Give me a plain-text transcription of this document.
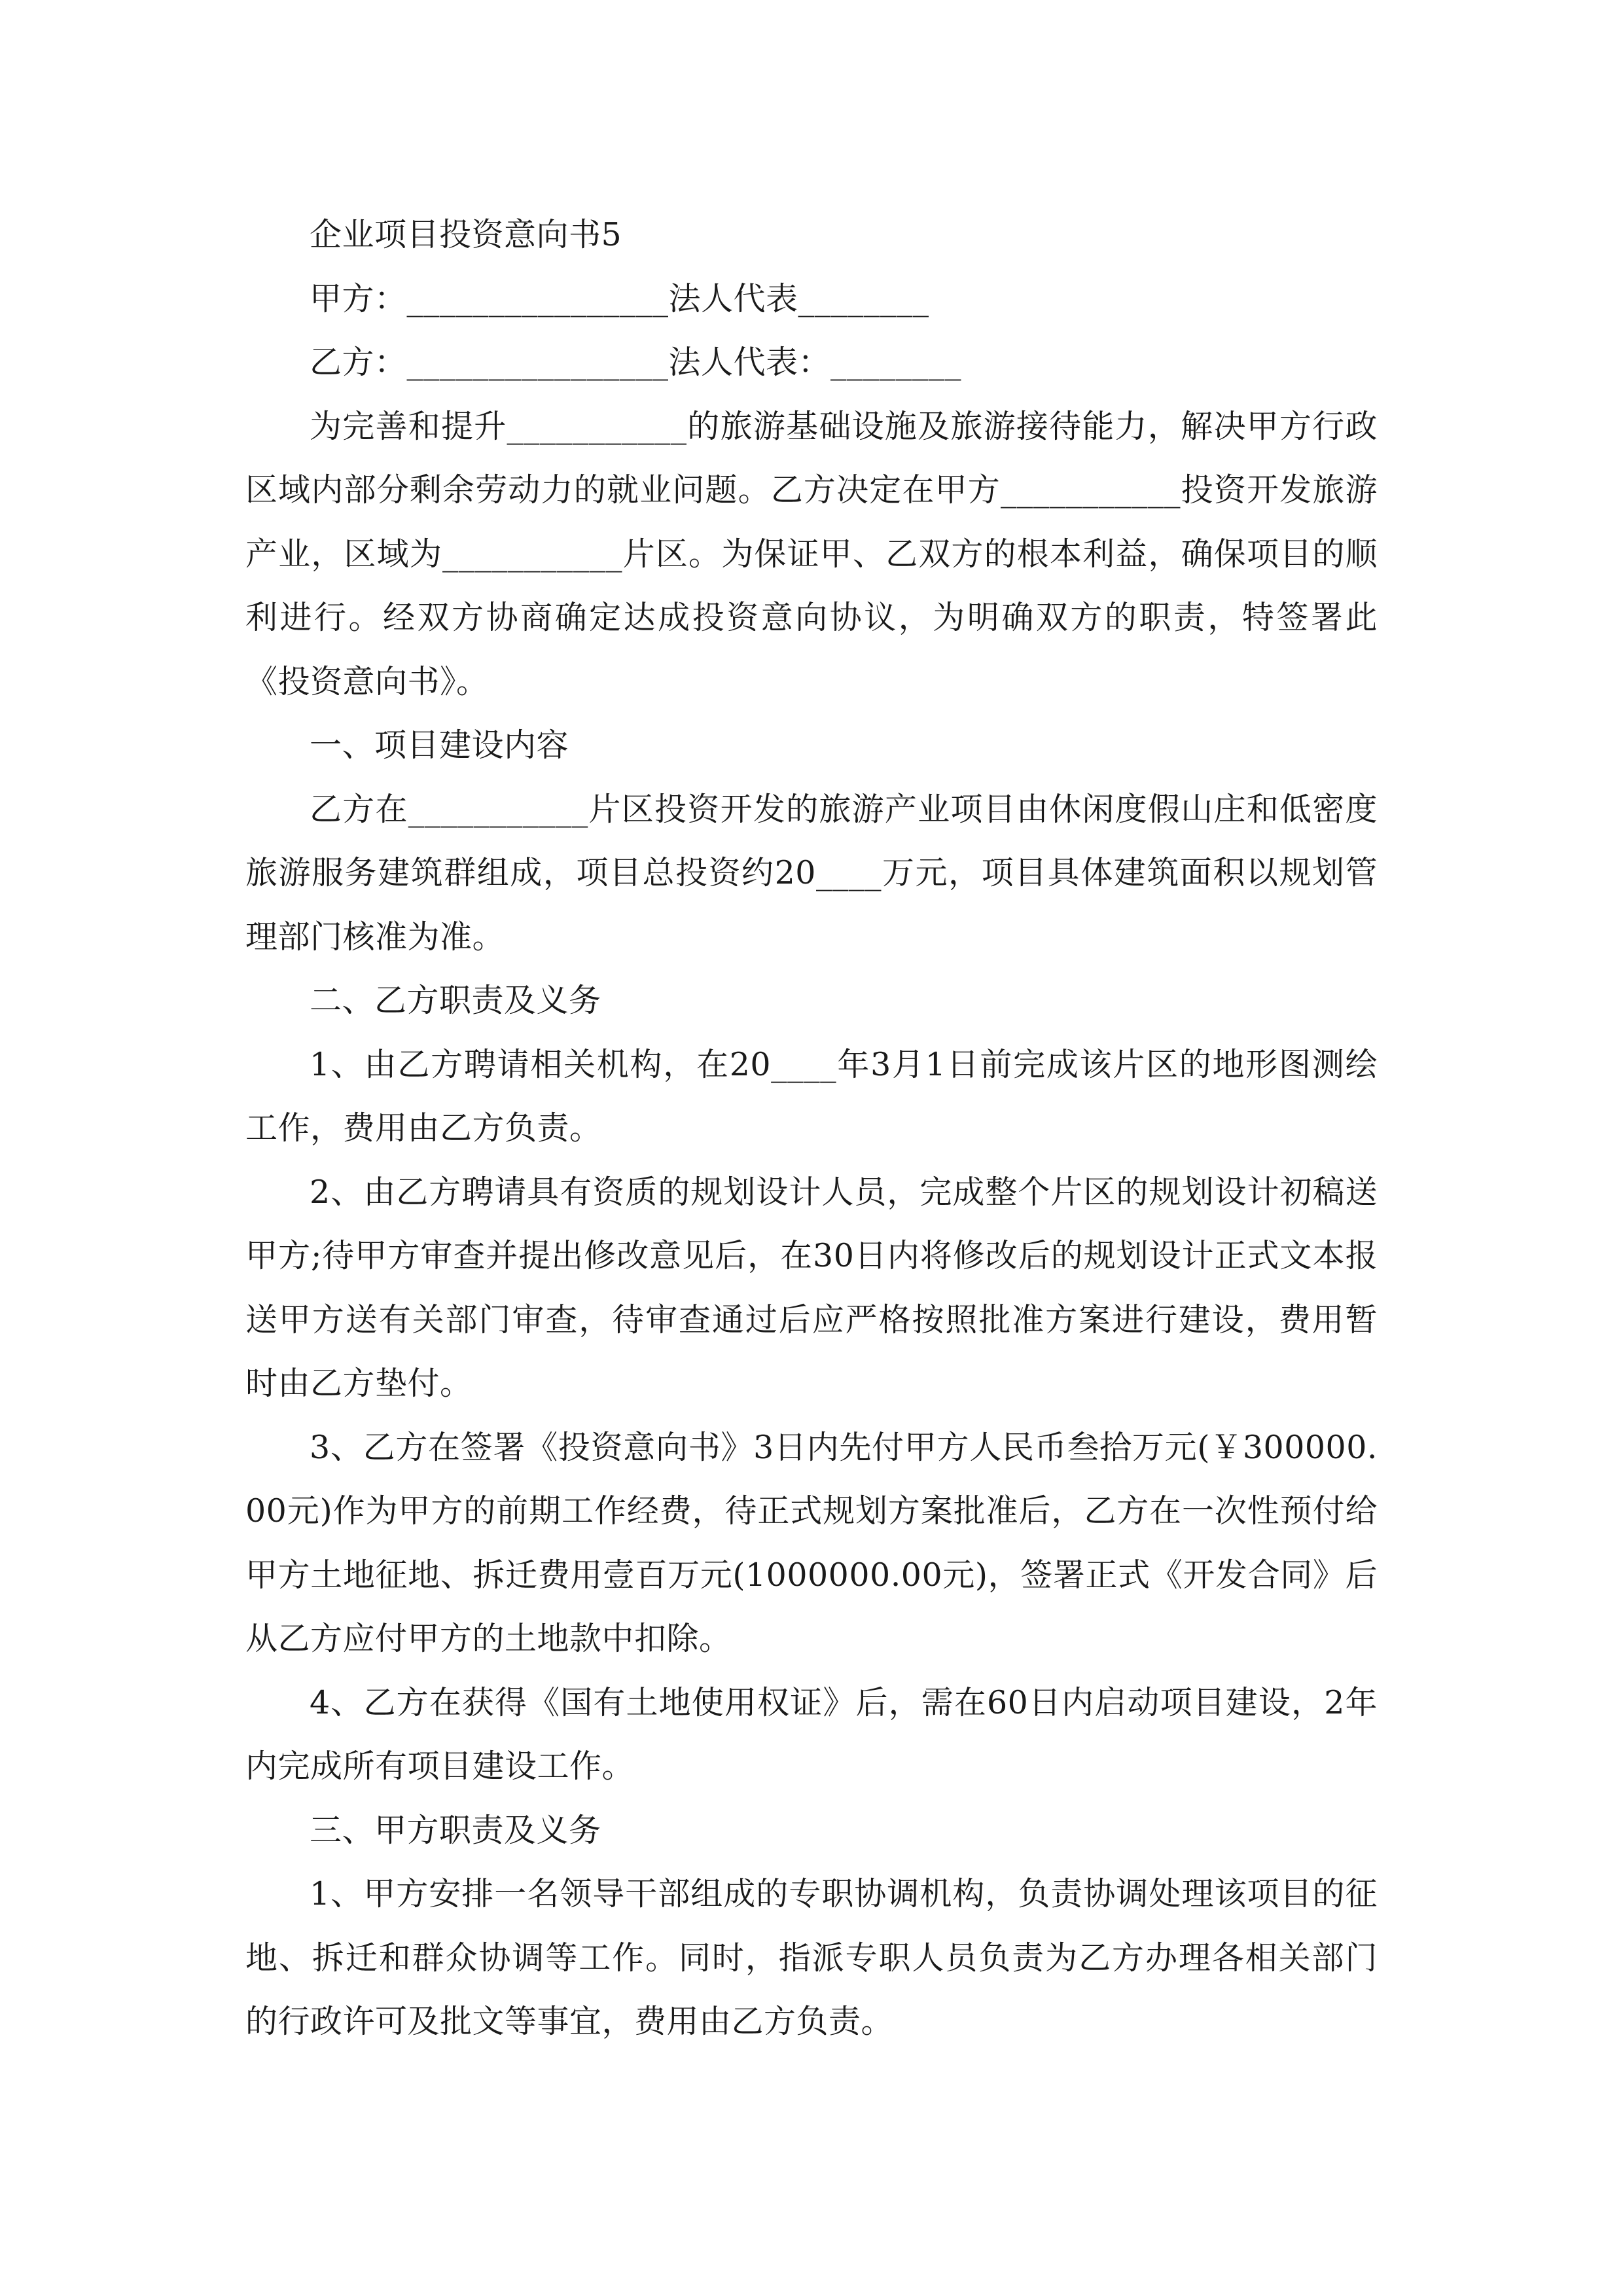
企业项目投资意向书5

甲方：________________法人代表________

乙方：________________法人代表：________

为完善和提升___________的旅游基础设施及旅游接待能力，解决甲方行政区域内部分剩余劳动力的就业问题。乙方决定在甲方___________投资开发旅游产业，区域为___________片区。为保证甲、乙双方的根本利益，确保项目的顺利进行。经双方协商确定达成投资意向协议，为明确双方的职责，特签署此《投资意向书》。

一、项目建设内容

乙方在___________片区投资开发的旅游产业项目由休闲度假山庄和低密度旅游服务建筑群组成，项目总投资约20____万元，项目具体建筑面积以规划管理部门核准为准。

二、乙方职责及义务

1、由乙方聘请相关机构，在20____年3月1日前完成该片区的地形图测绘工作，费用由乙方负责。

2、由乙方聘请具有资质的规划设计人员，完成整个片区的规划设计初稿送甲方;待甲方审查并提出修改意见后，在30日内将修改后的规划设计正式文本报送甲方送有关部门审查，待审查通过后应严格按照批准方案进行建设，费用暂时由乙方垫付。

3、乙方在签署《投资意向书》3日内先付甲方人民币叁拾万元(￥300000.00元)作为甲方的前期工作经费，待正式规划方案批准后，乙方在一次性预付给甲方土地征地、拆迁费用壹百万元(1000000.00元)，签署正式《开发合同》后从乙方应付甲方的土地款中扣除。

4、乙方在获得《国有土地使用权证》后，需在60日内启动项目建设，2年内完成所有项目建设工作。

三、甲方职责及义务

1、甲方安排一名领导干部组成的专职协调机构，负责协调处理该项目的征地、拆迁和群众协调等工作。同时，指派专职人员负责为乙方办理各相关部门的行政许可及批文等事宜，费用由乙方负责。
